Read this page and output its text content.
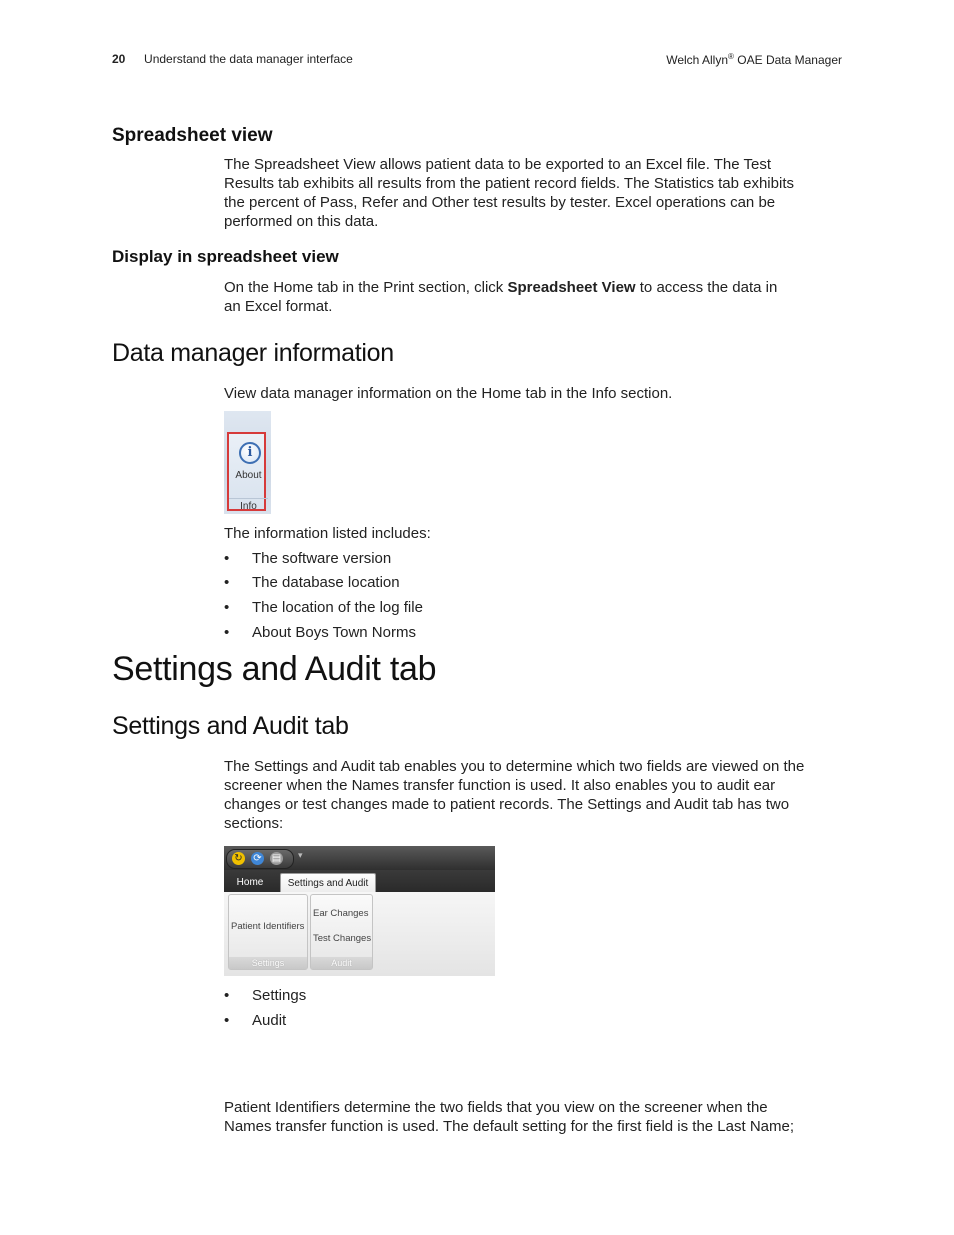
20 Understand the data manager interface	Welch Allyn® OAE Data Manager
Spreadsheet view
The Spreadsheet View allows patient data to be exported to an Excel file. The Test
Results tab exhibits all results from the patient record fields. The Statistics tab exhibits
the percent of Pass, Refer and Other test results by tester. Excel operations can be
performed on this data.
Display in spreadsheet view
On the Home tab in the Print section, click Spreadsheet View to access the data in
an Excel format.
Data manager information
View data manager information on the Home tab in the Info section.
i
About
Info
The information listed includes:
• The software version
• The database location
• The location of the log file
• About Boys Town Norms
Settings and Audit tab
Settings and Audit tab
The Settings and Audit tab enables you to determine which two fields are viewed on the
screener when the Names transfer function is used. It also enables you to audit ear
changes or test changes made to patient records. The Settings and Audit tab has two
sections:
↻ ⟳ ▤ ▾
Home	Settings and Audit
Patient Identifiers
Settings
Ear Changes
Test Changes
Audit
• Settings
• Audit
Patient Identifiers determine the two fields that you view on the screener when the
Names transfer function is used. The default setting for the first field is the Last Name;
